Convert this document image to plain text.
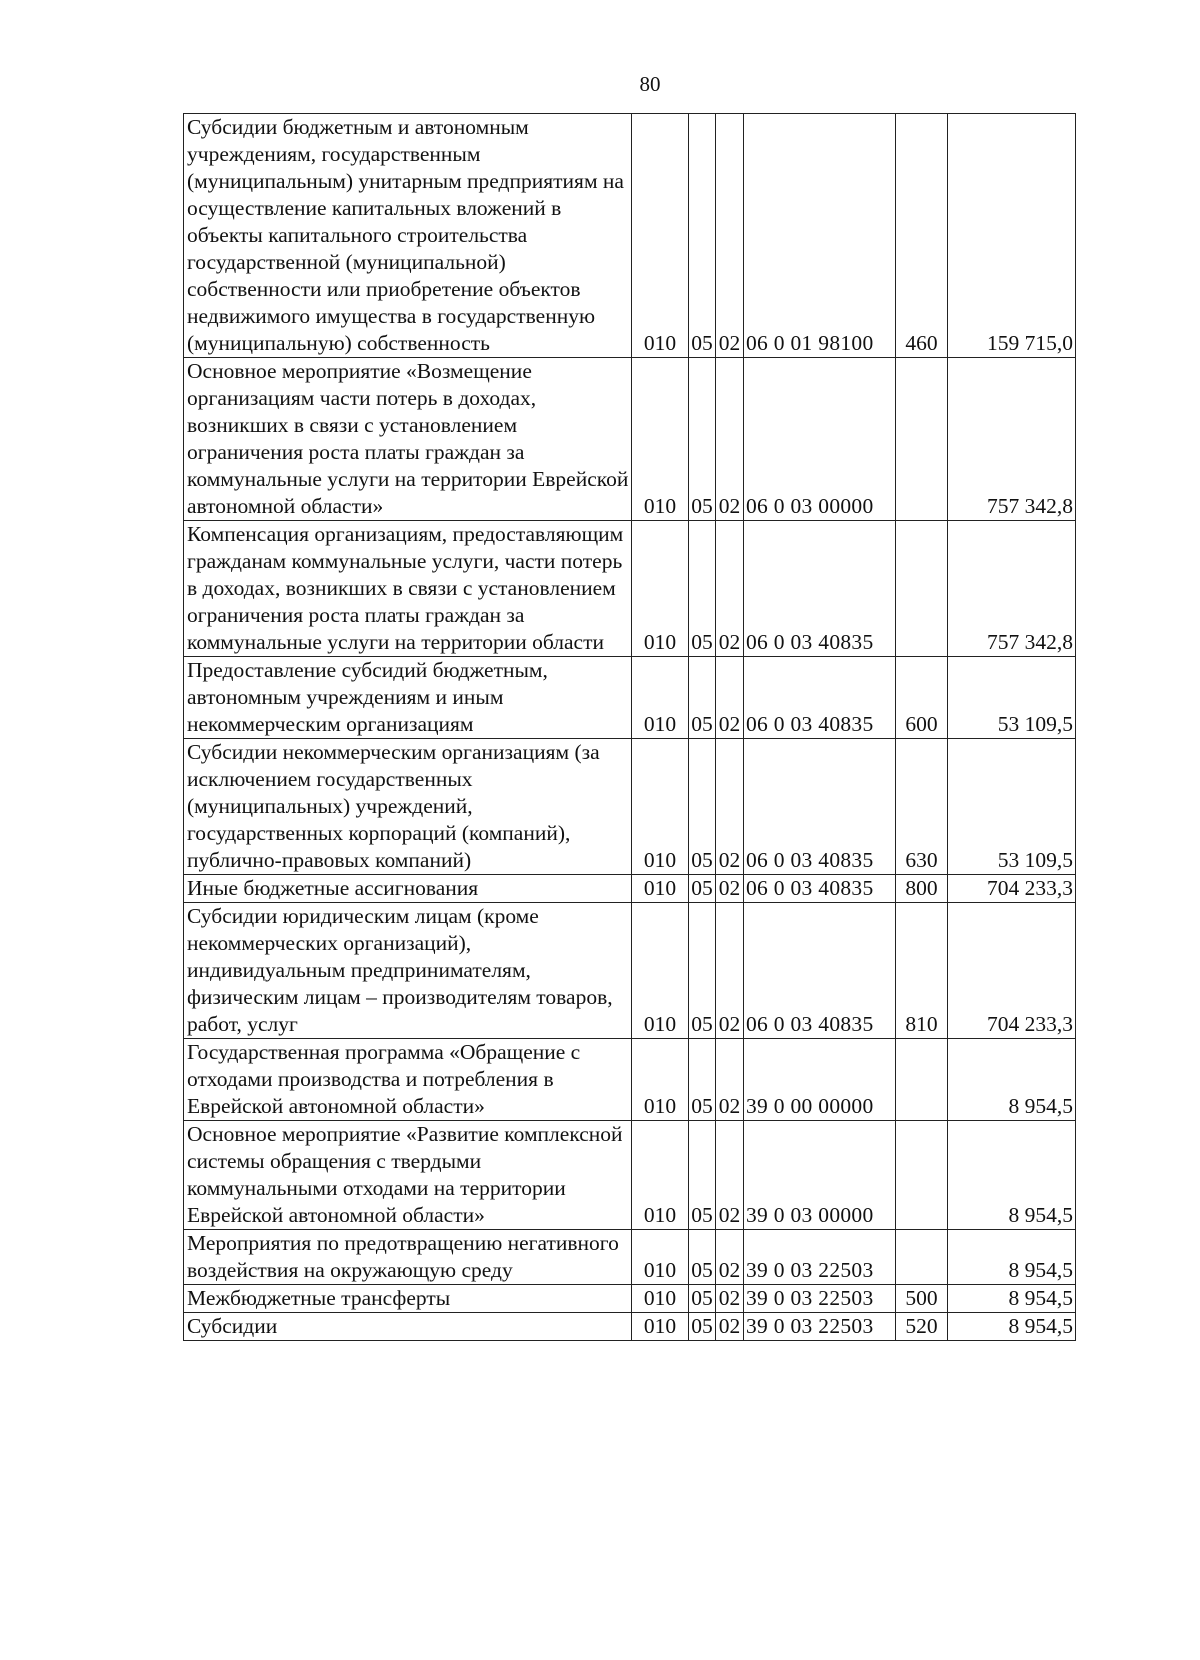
80
Субсидии бюджетным и автономным учреждениям, государственным (муниципальным) унитарным предприятиям на осуществление капитальных вложений в объекты капитального строительства государственной (муниципальной) собственности или приобретение объектов недвижимого имущества в государственную (муниципальную) собственность	010	05	02	06 0 01 98100	460	159 715,0
Основное мероприятие «Возмещение организациям части потерь в доходах, возникших в связи с установлением ограничения роста платы граждан за коммунальные услуги на территории Еврейской автономной области»	010	05	02	06 0 03 00000		757 342,8
Компенсация организациям, предоставляющим гражданам коммунальные услуги, части потерь в доходах, возникших в связи с установлением ограничения роста платы граждан за коммунальные услуги на территории области	010	05	02	06 0 03 40835		757 342,8
Предоставление субсидий бюджетным, автономным учреждениям и иным некоммерческим организациям	010	05	02	06 0 03 40835	600	53 109,5
Субсидии некоммерческим организациям (за исключением государственных (муниципальных) учреждений, государственных корпораций (компаний), публично-правовых компаний)	010	05	02	06 0 03 40835	630	53 109,5
Иные бюджетные ассигнования	010	05	02	06 0 03 40835	800	704 233,3
Субсидии юридическим лицам (кроме некоммерческих организаций), индивидуальным предпринимателям, физическим лицам – производителям товаров, работ, услуг	010	05	02	06 0 03 40835	810	704 233,3
Государственная программа «Обращение с отходами производства и потребления в Еврейской автономной области»	010	05	02	39 0 00 00000		8 954,5
Основное мероприятие «Развитие комплексной системы обращения с твердыми коммунальными отходами на территории Еврейской автономной области»	010	05	02	39 0 03 00000		8 954,5
Мероприятия по предотвращению негативного воздействия на окружающую среду	010	05	02	39 0 03 22503		8 954,5
Межбюджетные трансферты	010	05	02	39 0 03 22503	500	8 954,5
Субсидии	010	05	02	39 0 03 22503	520	8 954,5
